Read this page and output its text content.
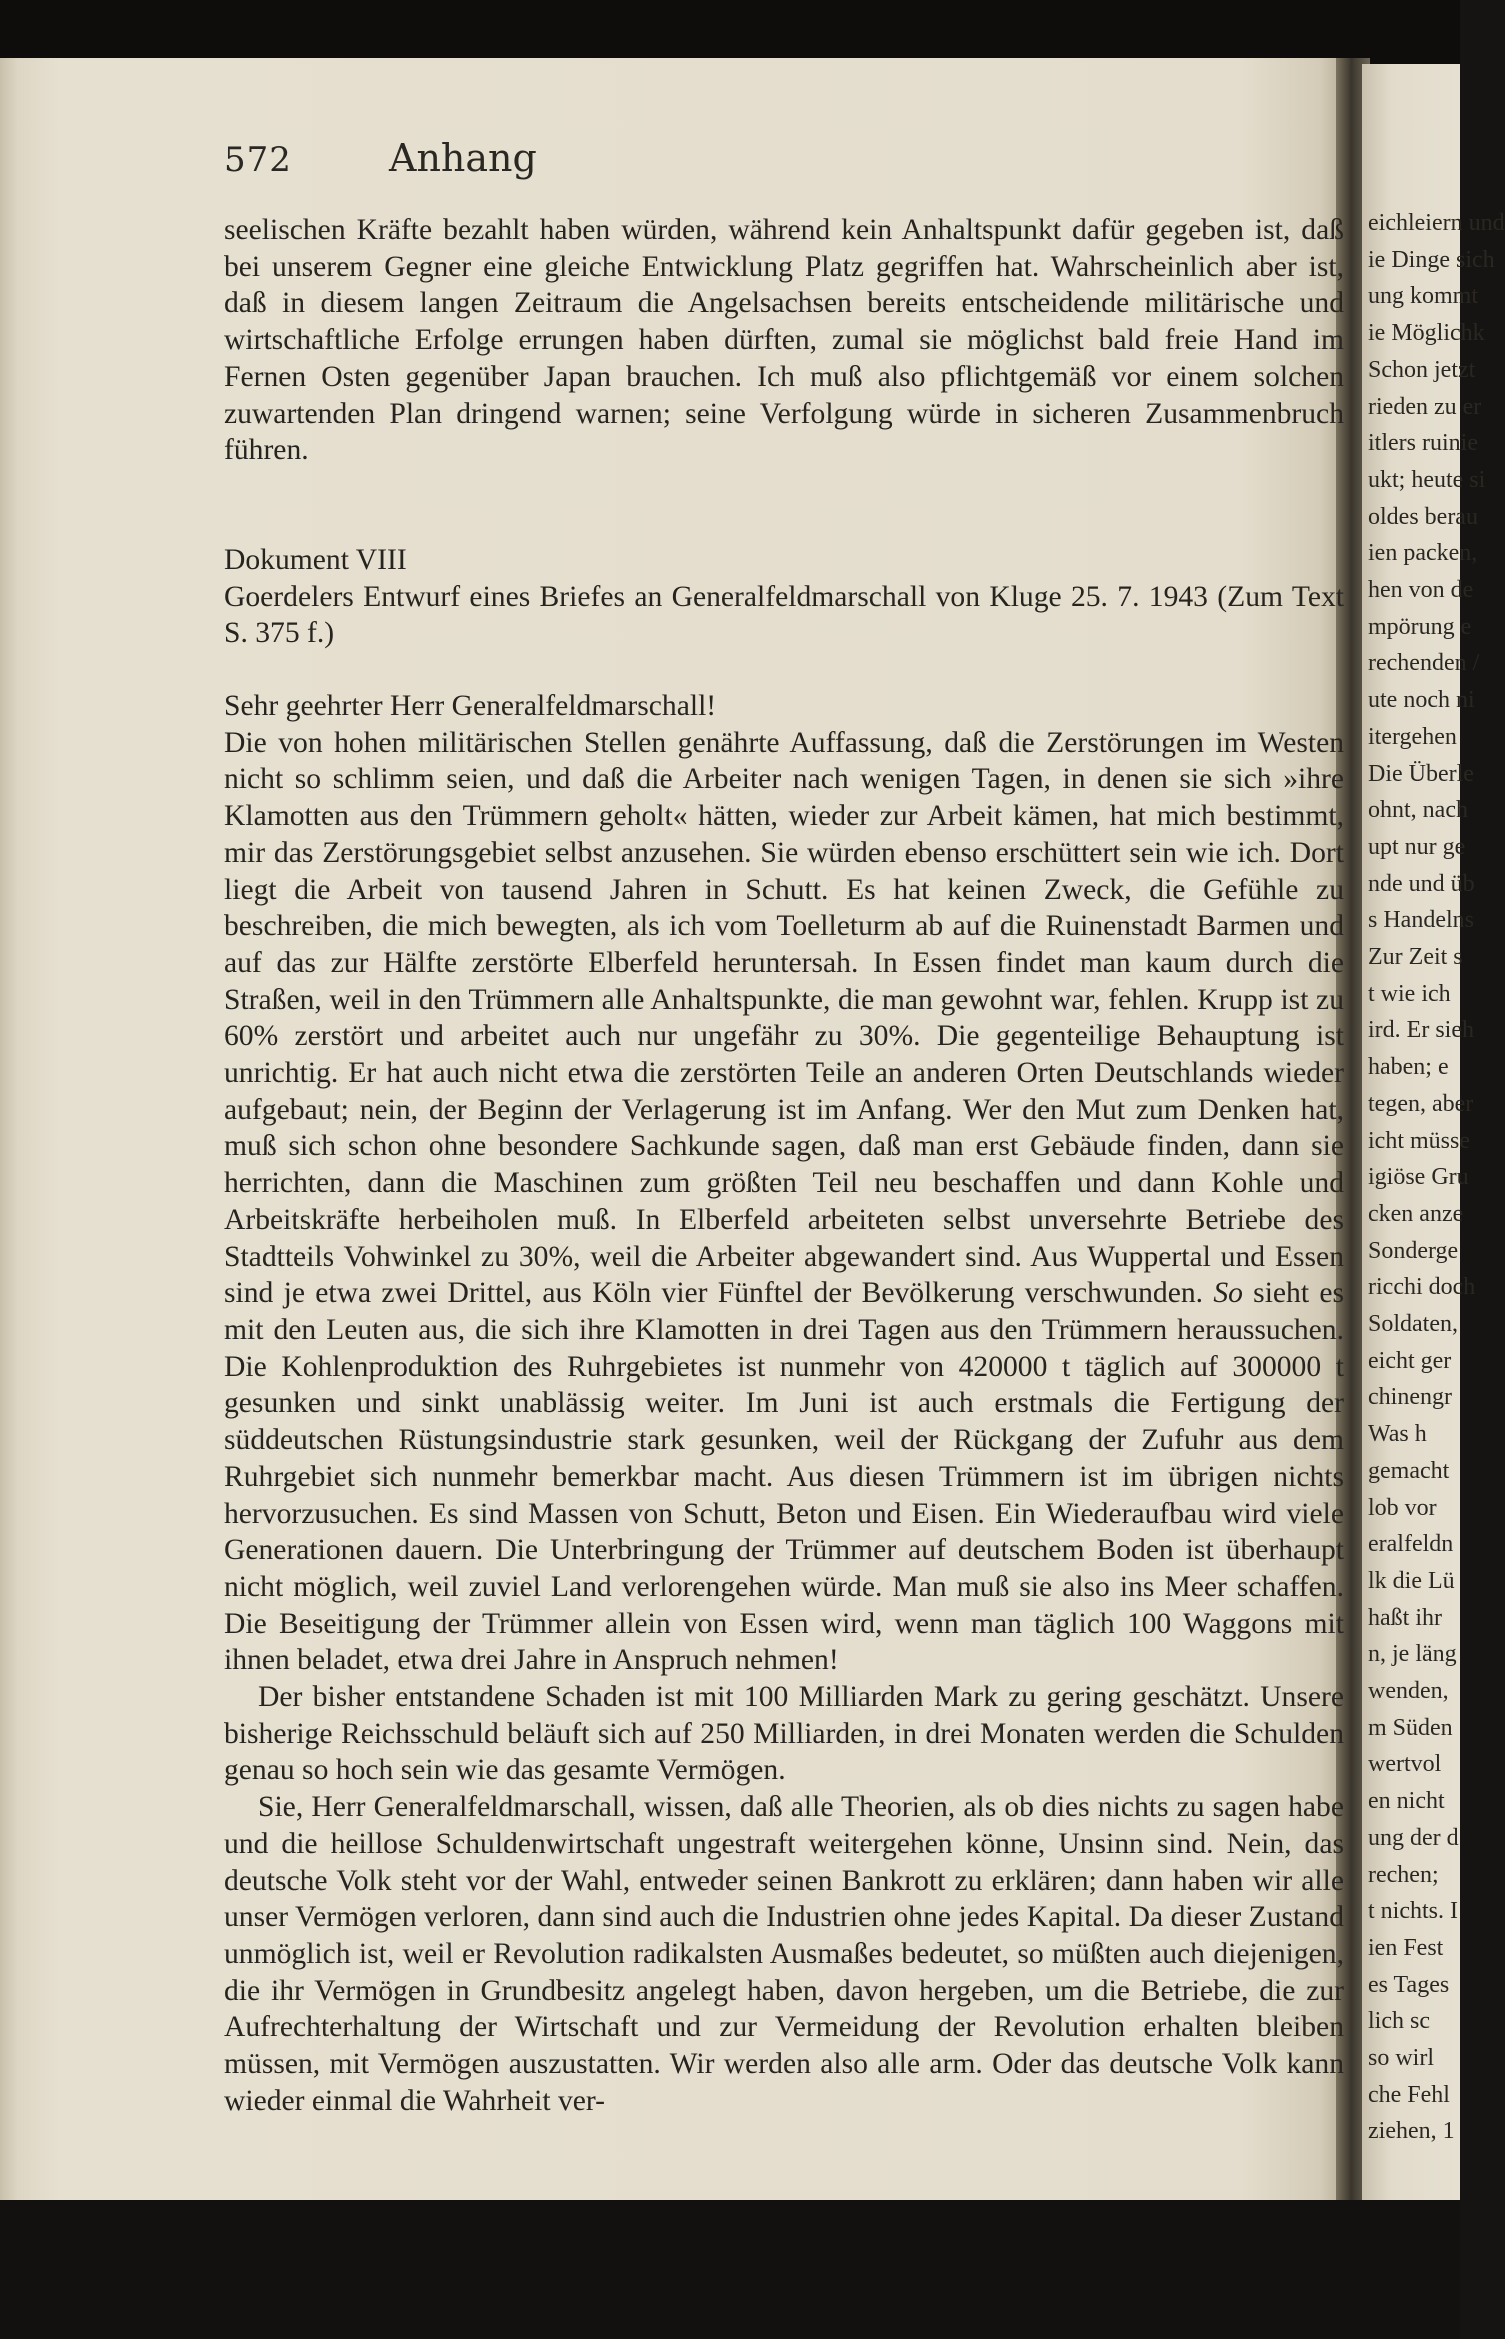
eichleiern und
ie Dinge sich
ung kommt
ie Möglichk
Schon jetzt
rieden zu er
itlers ruinie
ukt; heute si
oldes berau
ien packen,
hen von de
mpörung e
rechenden /
ute noch ni
itergehen
Die Überle
ohnt, nach
upt nur ge
nde und üb
s Handelns
Zur Zeit s
t wie ich
ird. Er sieh
haben; e
tegen, aber
icht müsse
igiöse Gru
cken anze
Sonderge
ricchi doch
Soldaten,
eicht ger
chinengr
Was h
gemacht
lob vor
eralfeldn
lk die Lü
haßt ihr
n, je läng
wenden,
m Süden
wertvol
en nicht
ung der d
rechen;
t nichts. I
ien Fest
es Tages
lich sc
so wirl
che Fehl
ziehen, 1
572	Anhang

seelischen Kräfte bezahlt haben würden, während kein Anhaltspunkt dafür gegeben ist, daß bei unserem Gegner eine gleiche Entwicklung Platz gegriffen hat. Wahrscheinlich aber ist, daß in diesem langen Zeitraum die Angelsachsen bereits entscheidende militärische und wirtschaftliche Erfolge errungen haben dürften, zumal sie möglichst bald freie Hand im Fernen Osten gegenüber Japan brauchen. Ich muß also pflichtgemäß vor einem solchen zuwartenden Plan dringend warnen; seine Verfolgung würde in sicheren Zusammenbruch führen.

Dokument VIII

Goerdelers Entwurf eines Briefes an Generalfeldmarschall von Kluge 25. 7. 1943 (Zum Text S. 375 f.)

Sehr geehrter Herr Generalfeldmarschall!

Die von hohen militärischen Stellen genährte Auffassung, daß die Zerstörungen im Westen nicht so schlimm seien, und daß die Arbeiter nach wenigen Tagen, in denen sie sich »ihre Klamotten aus den Trümmern geholt« hätten, wieder zur Arbeit kämen, hat mich bestimmt, mir das Zerstörungsgebiet selbst anzusehen. Sie würden ebenso erschüttert sein wie ich. Dort liegt die Arbeit von tausend Jahren in Schutt. Es hat keinen Zweck, die Gefühle zu beschreiben, die mich bewegten, als ich vom Toelleturm ab auf die Ruinenstadt Barmen und auf das zur Hälfte zerstörte Elberfeld heruntersah. In Essen findet man kaum durch die Straßen, weil in den Trümmern alle Anhaltspunkte, die man gewohnt war, fehlen. Krupp ist zu 60% zerstört und arbeitet auch nur ungefähr zu 30%. Die gegenteilige Behauptung ist unrichtig. Er hat auch nicht etwa die zerstörten Teile an anderen Orten Deutschlands wieder aufgebaut; nein, der Beginn der Verlagerung ist im Anfang. Wer den Mut zum Denken hat, muß sich schon ohne besondere Sachkunde sagen, daß man erst Gebäude finden, dann sie herrichten, dann die Maschinen zum größten Teil neu beschaffen und dann Kohle und Arbeitskräfte herbeiholen muß. In Elberfeld arbeiteten selbst unversehrte Betriebe des Stadtteils Vohwinkel zu 30%, weil die Arbeiter abgewandert sind. Aus Wuppertal und Essen sind je etwa zwei Drittel, aus Köln vier Fünftel der Bevölkerung verschwunden. So sieht es mit den Leuten aus, die sich ihre Klamotten in drei Tagen aus den Trümmern heraussuchen. Die Kohlenproduktion des Ruhrgebietes ist nunmehr von 420000 t täglich auf 300000 t gesunken und sinkt unablässig weiter. Im Juni ist auch erstmals die Fertigung der süddeutschen Rüstungsindustrie stark gesunken, weil der Rückgang der Zufuhr aus dem Ruhrgebiet sich nunmehr bemerkbar macht. Aus diesen Trümmern ist im übrigen nichts hervorzusuchen. Es sind Massen von Schutt, Beton und Eisen. Ein Wiederaufbau wird viele Generationen dauern. Die Unterbringung der Trümmer auf deutschem Boden ist überhaupt nicht möglich, weil zuviel Land verlorengehen würde. Man muß sie also ins Meer schaffen. Die Beseitigung der Trümmer allein von Essen wird, wenn man täglich 100 Waggons mit ihnen beladet, etwa drei Jahre in Anspruch nehmen!

Der bisher entstandene Schaden ist mit 100 Milliarden Mark zu gering geschätzt. Unsere bisherige Reichsschuld beläuft sich auf 250 Milliarden, in drei Monaten werden die Schulden genau so hoch sein wie das gesamte Vermögen.

Sie, Herr Generalfeldmarschall, wissen, daß alle Theorien, als ob dies nichts zu sagen habe und die heillose Schuldenwirtschaft ungestraft weitergehen könne, Unsinn sind. Nein, das deutsche Volk steht vor der Wahl, entweder seinen Bankrott zu erklären; dann haben wir alle unser Vermögen verloren, dann sind auch die Industrien ohne jedes Kapital. Da dieser Zustand unmöglich ist, weil er Revolution radikalsten Ausmaßes bedeutet, so müßten auch diejenigen, die ihr Vermögen in Grundbesitz angelegt haben, davon hergeben, um die Betriebe, die zur Aufrechterhaltung der Wirtschaft und zur Vermeidung der Revolution erhalten bleiben müssen, mit Vermögen auszustatten. Wir werden also alle arm. Oder das deutsche Volk kann wieder einmal die Wahrheit ver-
